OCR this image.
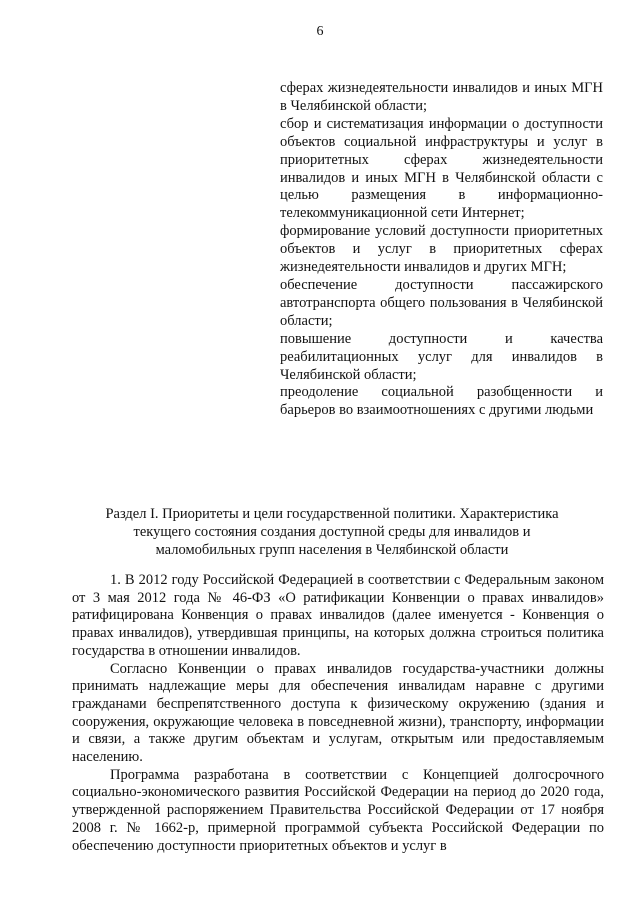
6

сферах жизнедеятельности инвалидов и иных МГН в Челябинской области;

сбор и систематизация информации о доступности объектов социальной инфраструктуры и услуг в приоритетных сферах жизнедеятельности инвалидов и иных МГН в Челябинской области с целью размещения в информационно-телекоммуникационной сети Интернет;

формирование условий доступности приоритетных объектов и услуг в приоритетных сферах жизнедеятельности инвалидов и других МГН;

обеспечение доступности пассажирского автотранспорта общего пользования в Челябинской области;

повышение доступности и качества реабилитационных услуг для инвалидов в Челябинской области;

преодоление социальной разобщенности и барьеров во взаимоотношениях с другими людьми

Раздел I. Приоритеты и цели государственной политики. Характеристика текущего состояния создания доступной среды для инвалидов и маломобильных групп населения в Челябинской области

1. В 2012 году Российской Федерацией в соответствии с Федеральным законом от 3 мая 2012 года № 46-ФЗ «О ратификации Конвенции о правах инвалидов» ратифицирована Конвенция о правах инвалидов (далее именуется - Конвенция о правах инвалидов), утвердившая принципы, на которых должна строиться политика государства в отношении инвалидов.

Согласно Конвенции о правах инвалидов государства-участники должны принимать надлежащие меры для обеспечения инвалидам наравне с другими гражданами беспрепятственного доступа к физическому окружению (здания и сооружения, окружающие человека в повседневной жизни), транспорту, информации и связи, а также другим объектам и услугам, открытым или предоставляемым населению.

Программа разработана в соответствии с Концепцией долгосрочного социально-экономического развития Российской Федерации на период до 2020 года, утвержденной распоряжением Правительства Российской Федерации от 17 ноября 2008 г. № 1662-р, примерной программой субъекта Российской Федерации по обеспечению доступности приоритетных объектов и услуг в
